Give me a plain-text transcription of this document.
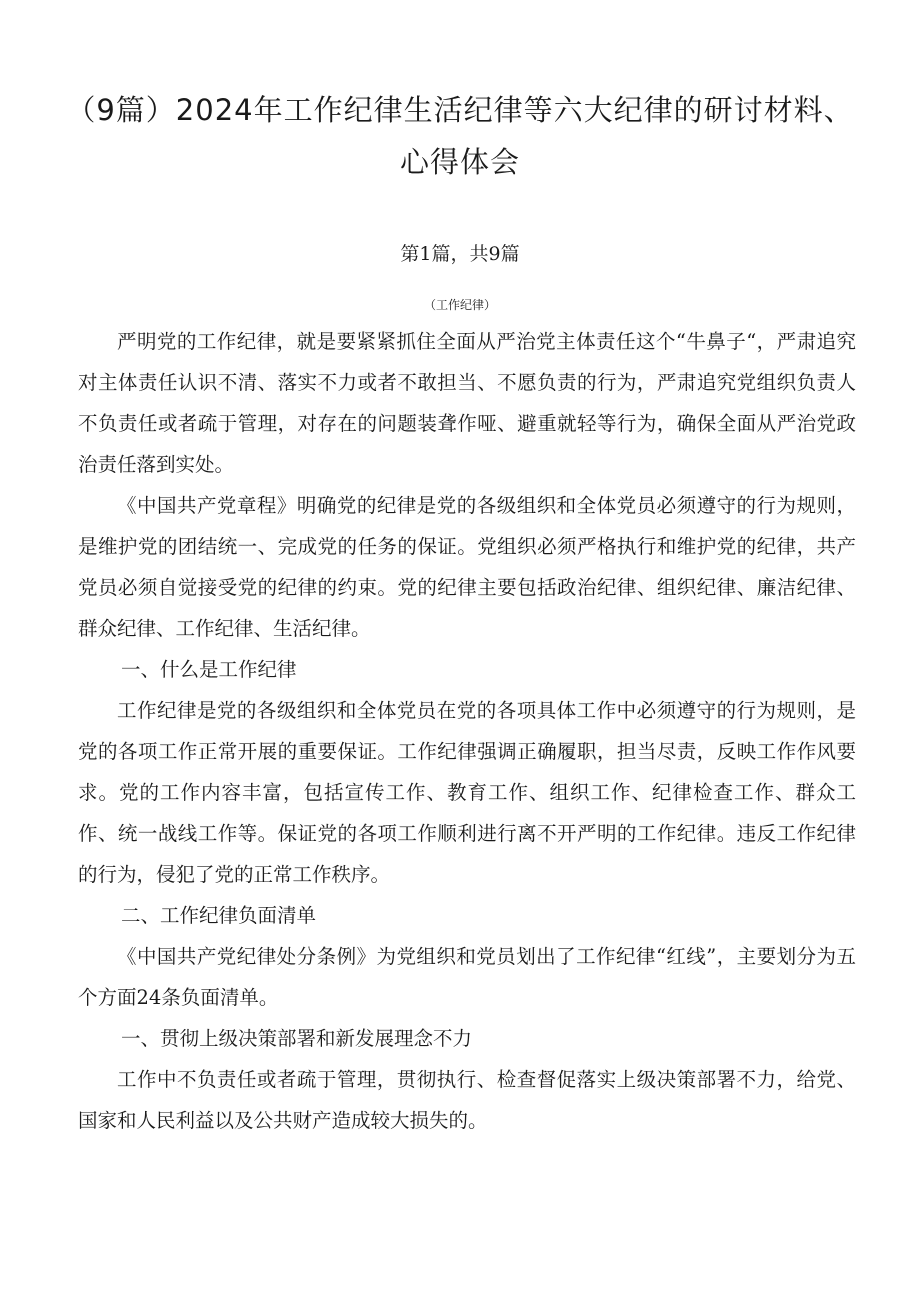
（9篇）2024年工作纪律生活纪律等六大纪律的研讨材料、心得体会
第1篇，共9篇
（工作纪律）

严明党的工作纪律，就是要紧紧抓住全面从严治党主体责任这个“牛鼻子“，严肃追究对主体责任认识不清、落实不力或者不敢担当、不愿负责的行为，严肃追究党组织负责人不负责任或者疏于管理，对存在的问题装聋作哑、避重就轻等行为，确保全面从严治党政治责任落到实处。

《中国共产党章程》明确党的纪律是党的各级组织和全体党员必须遵守的行为规则，是维护党的团结统一、完成党的任务的保证。党组织必须严格执行和维护党的纪律，共产党员必须自觉接受党的纪律的约束。党的纪律主要包括政治纪律、组织纪律、廉洁纪律、群众纪律、工作纪律、生活纪律。

一、什么是工作纪律

工作纪律是党的各级组织和全体党员在党的各项具体工作中必须遵守的行为规则，是党的各项工作正常开展的重要保证。工作纪律强调正确履职，担当尽责，反映工作作风要求。党的工作内容丰富，包括宣传工作、教育工作、组织工作、纪律检查工作、群众工作、统一战线工作等。保证党的各项工作顺利进行离不开严明的工作纪律。违反工作纪律的行为，侵犯了党的正常工作秩序。

二、工作纪律负面清单

《中国共产党纪律处分条例》为党组织和党员划出了工作纪律“红线”，主要划分为五个方面24条负面清单。

一、贯彻上级决策部署和新发展理念不力

工作中不负责任或者疏于管理，贯彻执行、检查督促落实上级决策部署不力，给党、国家和人民利益以及公共财产造成较大损失的。
